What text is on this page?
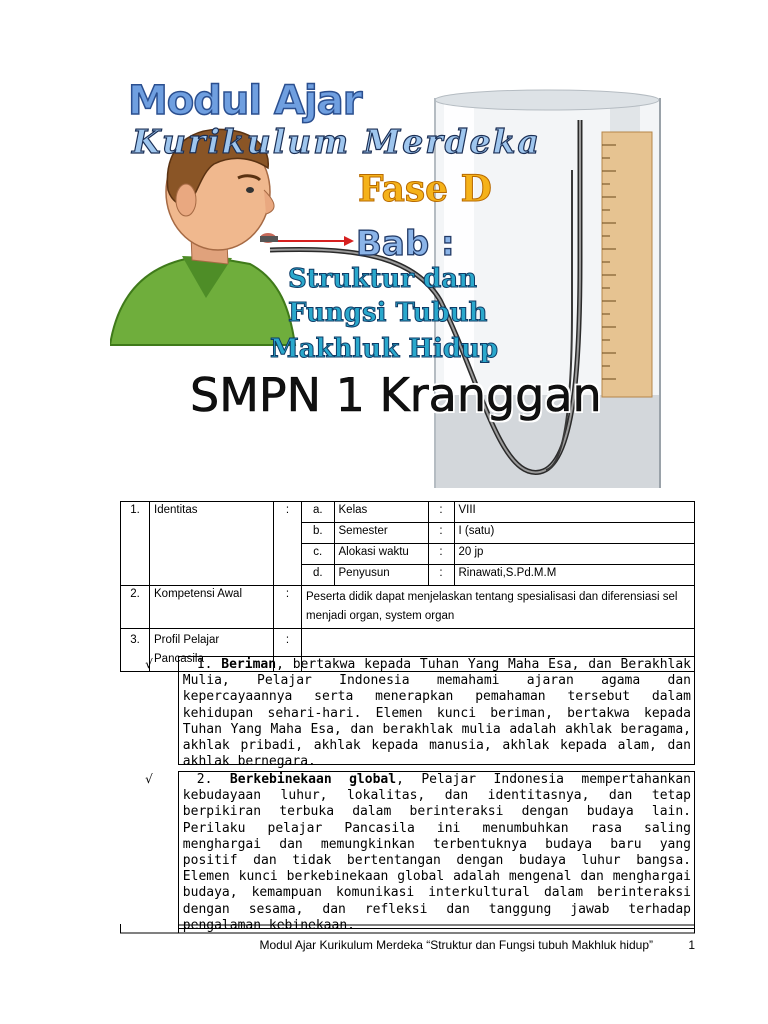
Modul Ajar
Kurikulum Merdeka
Fase D
Bab :
Struktur dan
Fungsi Tubuh
Makhluk Hidup
SMPN 1 Kranggan
1.	Identitas	:	a.	Kelas	:	VIII
b.	Semester	:	I (satu)
c.	Alokasi waktu	:	20 jp
d.	Penyusun	:	Rinawati,S.Pd.M.M

2.	Kompetensi Awal	:	Peserta didik dapat menjelaskan tentang spesialisasi dan diferensiasi sel menjadi organ, system organ
3.	Profil Pelajar Pancasila	:	
√	1. Beriman, bertakwa kepada Tuhan Yang Maha Esa, dan Berakhlak Mulia, Pelajar Indonesia memahami ajaran agama dan kepercayaannya serta menerapkan pemahaman tersebut dalam kehidupan sehari-hari. Elemen kunci beriman, bertakwa kepada Tuhan Yang Maha Esa, dan berakhlak mulia adalah akhlak beragama, akhlak pribadi, akhlak kepada manusia, akhlak kepada alam, dan akhlak bernegara.
√	2. Berkebinekaan global, Pelajar Indonesia mempertahankan kebudayaan luhur, lokalitas, dan identitasnya, dan tetap berpikiran terbuka dalam berinteraksi dengan budaya lain. Perilaku pelajar Pancasila ini menumbuhkan rasa saling menghargai dan memungkinkan terbentuknya budaya baru yang positif dan tidak bertentangan dengan budaya luhur bangsa. Elemen kunci berkebinekaan global adalah mengenal dan menghargai budaya, kemampuan komunikasi interkultural dalam berinteraksi dengan sesama, dan refleksi dan tanggung jawab terhadap pengalaman kebinekaan.
Modul Ajar Kurikulum Merdeka “Struktur dan Fungsi tubuh Makhluk hidup”	1
